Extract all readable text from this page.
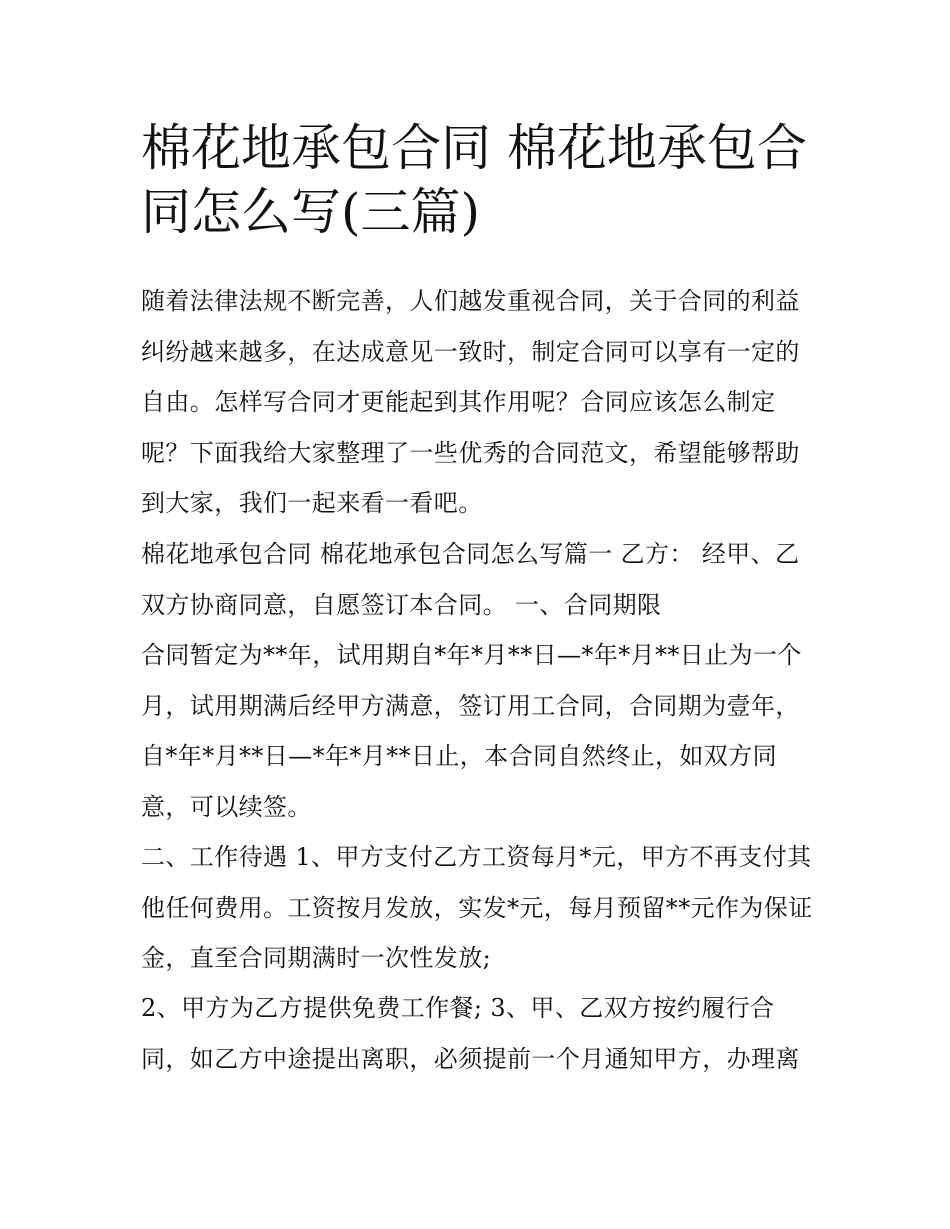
棉花地承包合同 棉花地承包合同怎么写(三篇)

随着法律法规不断完善，人们越发重视合同，关于合同的利益纠纷越来越多，在达成意见一致时，制定合同可以享有一定的自由。怎样写合同才更能起到其作用呢？合同应该怎么制定呢？下面我给大家整理了一些优秀的合同范文，希望能够帮助到大家，我们一起来看一看吧。

棉花地承包合同 棉花地承包合同怎么写篇一 乙方： 经甲、乙双方协商同意，自愿签订本合同。 一、合同期限

合同暂定为**年，试用期自*年*月**日—*年*月**日止为一个月，试用期满后经甲方满意，签订用工合同，合同期为壹年，自*年*月**日—*年*月**日止，本合同自然终止，如双方同意，可以续签。

二、工作待遇 1、甲方支付乙方工资每月*元，甲方不再支付其他任何费用。工资按月发放，实发*元，每月预留**元作为保证金，直至合同期满时一次性发放;

2、甲方为乙方提供免费工作餐; 3、甲、乙双方按约履行合同，如乙方中途提出离职，必须提前一个月通知甲方，办理离
